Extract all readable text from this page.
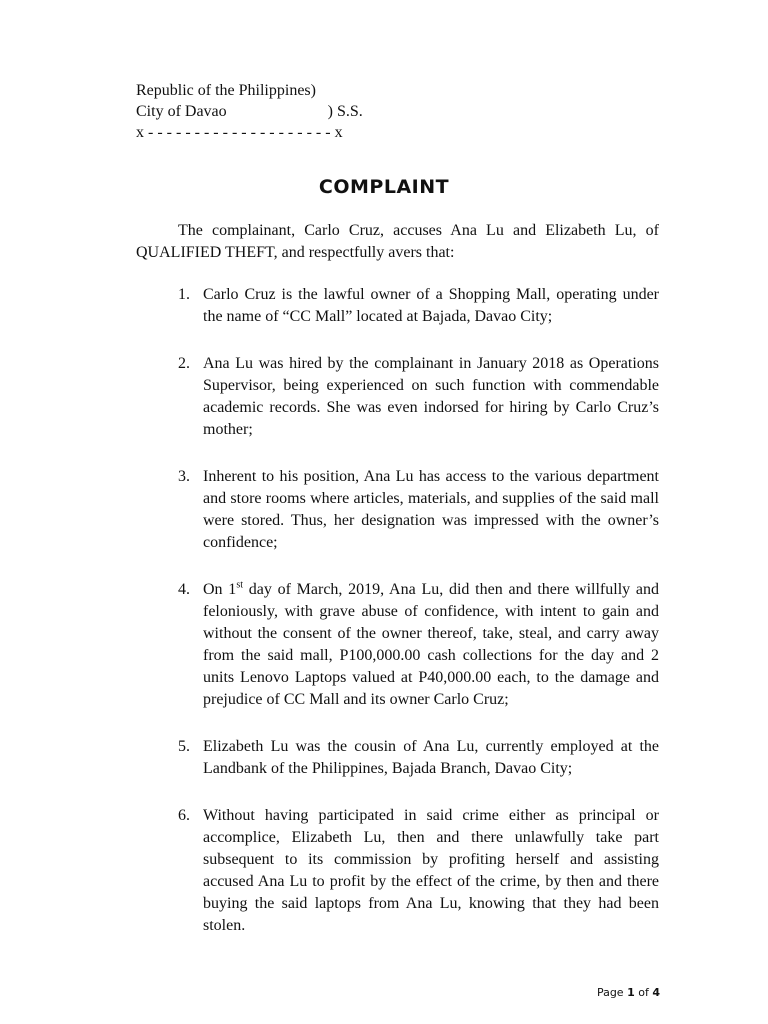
Republic of the Philippines)
City of Davao	) S.S.
x - - - - - - - - - - - - - - - - - - - - x
COMPLAINT

The complainant, Carlo Cruz, accuses Ana Lu and Elizabeth Lu, of QUALIFIED THEFT, and respectfully avers that:

1. Carlo Cruz is the lawful owner of a Shopping Mall, operating under the name of “CC Mall” located at Bajada, Davao City;
2. Ana Lu was hired by the complainant in January 2018 as Operations Supervisor, being experienced on such function with commendable academic records. She was even indorsed for hiring by Carlo Cruz’s mother;
3. Inherent to his position, Ana Lu has access to the various department and store rooms where articles, materials, and supplies of the said mall were stored. Thus, her designation was impressed with the owner’s confidence;
4. On 1st day of March, 2019, Ana Lu, did then and there willfully and feloniously, with grave abuse of confidence, with intent to gain and without the consent of the owner thereof, take, steal, and carry away from the said mall, P100,000.00 cash collections for the day and 2 units Lenovo Laptops valued at P40,000.00 each, to the damage and prejudice of CC Mall and its owner Carlo Cruz;
5. Elizabeth Lu was the cousin of Ana Lu, currently employed at the Landbank of the Philippines, Bajada Branch, Davao City;
6. Without having participated in said crime either as principal or accomplice, Elizabeth Lu, then and there unlawfully take part subsequent to its commission by profiting herself and assisting accused Ana Lu to profit by the effect of the crime, by then and there buying the said laptops from Ana Lu, knowing that they had been stolen.
Page 1 of 4
